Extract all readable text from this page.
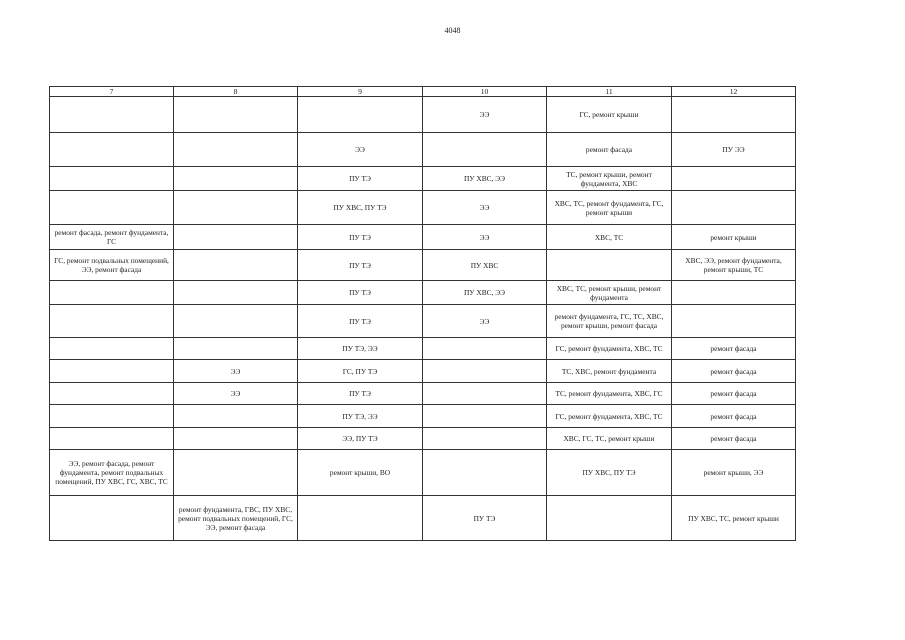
4048
7	8	9	10	11	12
			ЭЭ	ГС, ремонт крыши	
		ЭЭ		ремонт фасада	ПУ ЭЭ
		ПУ ТЭ	ПУ ХВС, ЭЭ	ТС, ремонт крыши, ремонт фундамента, ХВС	
		ПУ ХВС, ПУ ТЭ	ЭЭ	ХВС, ТС, ремонт фундамента, ГС, ремонт крыши	
ремонт фасада, ремонт фундамента, ГС		ПУ ТЭ	ЭЭ	ХВС, ТС	ремонт крыши
ГС, ремонт подвальных помещений, ЭЭ, ремонт фасада		ПУ ТЭ	ПУ ХВС		ХВС, ЭЭ, ремонт фундамента, ремонт крыши, ТС
		ПУ ТЭ	ПУ ХВС, ЭЭ	ХВС, ТС, ремонт крыши, ремонт фундамента	
		ПУ ТЭ	ЭЭ	ремонт фундамента, ГС, ТС, ХВС, ремонт крыши, ремонт фасада	
		ПУ ТЭ, ЭЭ		ГС, ремонт фундамента, ХВС, ТС	ремонт фасада
	ЭЭ	ГС, ПУ ТЭ		ТС, ХВС, ремонт фундамента	ремонт фасада
	ЭЭ	ПУ ТЭ		ТС, ремонт фундамента, ХВС, ГС	ремонт фасада
		ПУ ТЭ, ЭЭ		ГС, ремонт фундамента, ХВС, ТС	ремонт фасада
		ЭЭ, ПУ ТЭ		ХВС, ГС, ТС, ремонт крыши	ремонт фасада
ЭЭ, ремонт фасада, ремонт фундамента, ремонт подвальных помещений, ПУ ХВС, ГС, ХВС, ТС		ремонт крыши, ВО		ПУ ХВС, ПУ ТЭ	ремонт крыши, ЭЭ
	ремонт фундамента, ГВС, ПУ ХВС, ремонт подвальных помещений, ГС, ЭЭ, ремонт фасада		ПУ ТЭ		ПУ ХВС, ТС, ремонт крыши
